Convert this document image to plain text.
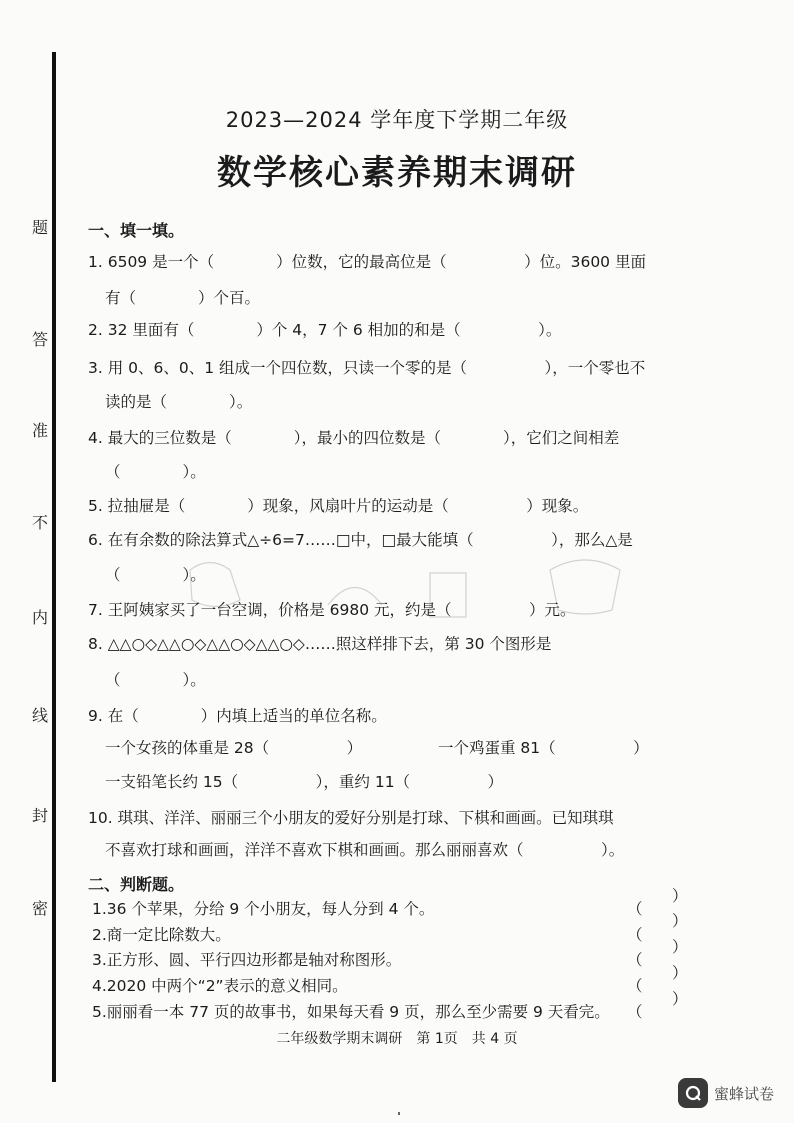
题
答
准
不
内
线
封
密
2023—2024 学年度下学期二年级
数学核心素养期末调研
一、填一填。
1. 6509 是一个（　　　　）位数，它的最高位是（　　　　　）位。3600 里面
有（　　　　）个百。
2. 32 里面有（　　　　）个 4，7 个 6 相加的和是（　　　　　）。
3. 用 0、6、0、1 组成一个四位数，只读一个零的是（　　　　　），一个零也不
读的是（　　　　）。
4. 最大的三位数是（　　　　），最小的四位数是（　　　　），它们之间相差
（　　　　）。
5. 拉抽屉是（　　　　）现象，风扇叶片的运动是（　　　　　）现象。
6. 在有余数的除法算式△÷6=7……□中，□最大能填（　　　　　），那么△是
（　　　　）。
7. 王阿姨家买了一台空调，价格是 6980 元，约是（　　　　　）元。
8. △△○◇△△○◇△△○◇△△○◇……照这样排下去，第 30 个图形是
（　　　　）。
9. 在（　　　　）内填上适当的单位名称。
一个女孩的体重是 28（　　　　　）	一个鸡蛋重 81（　　　　　）
一支铅笔长约 15（　　　　　），重约 11（　　　　　）
10. 琪琪、洋洋、丽丽三个小朋友的爱好分别是打球、下棋和画画。已知琪琪
不喜欢打球和画画，洋洋不喜欢下棋和画画。那么丽丽喜欢（　　　　　）。
二、判断题。
1.36 个苹果，分给 9 个小朋友，每人分到 4 个。
2.商一定比除数大。
3.正方形、圆、平行四边形都是轴对称图形。
4.2020 中两个“2”表示的意义相同。
5.丽丽看一本 77 页的故事书，如果每天看 9 页，那么至少需要 9 天看完。
（
）
（
）
（
）
（
）
（
）
二年级数学期末调研　第 1页　共 4 页
蜜蜂试卷
